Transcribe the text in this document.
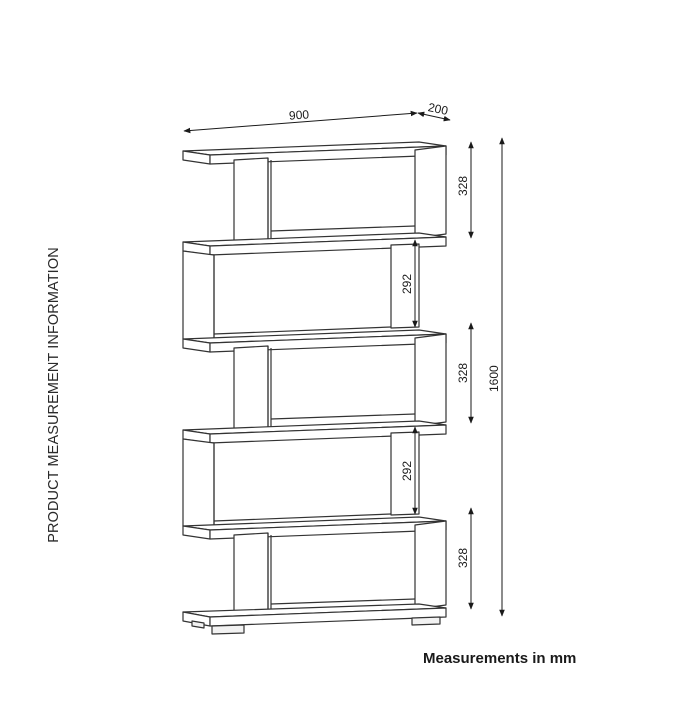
900	200
1600
328
328
328
292
292
PRODUCT MEASUREMENT INFORMATION
Measurements in mm
